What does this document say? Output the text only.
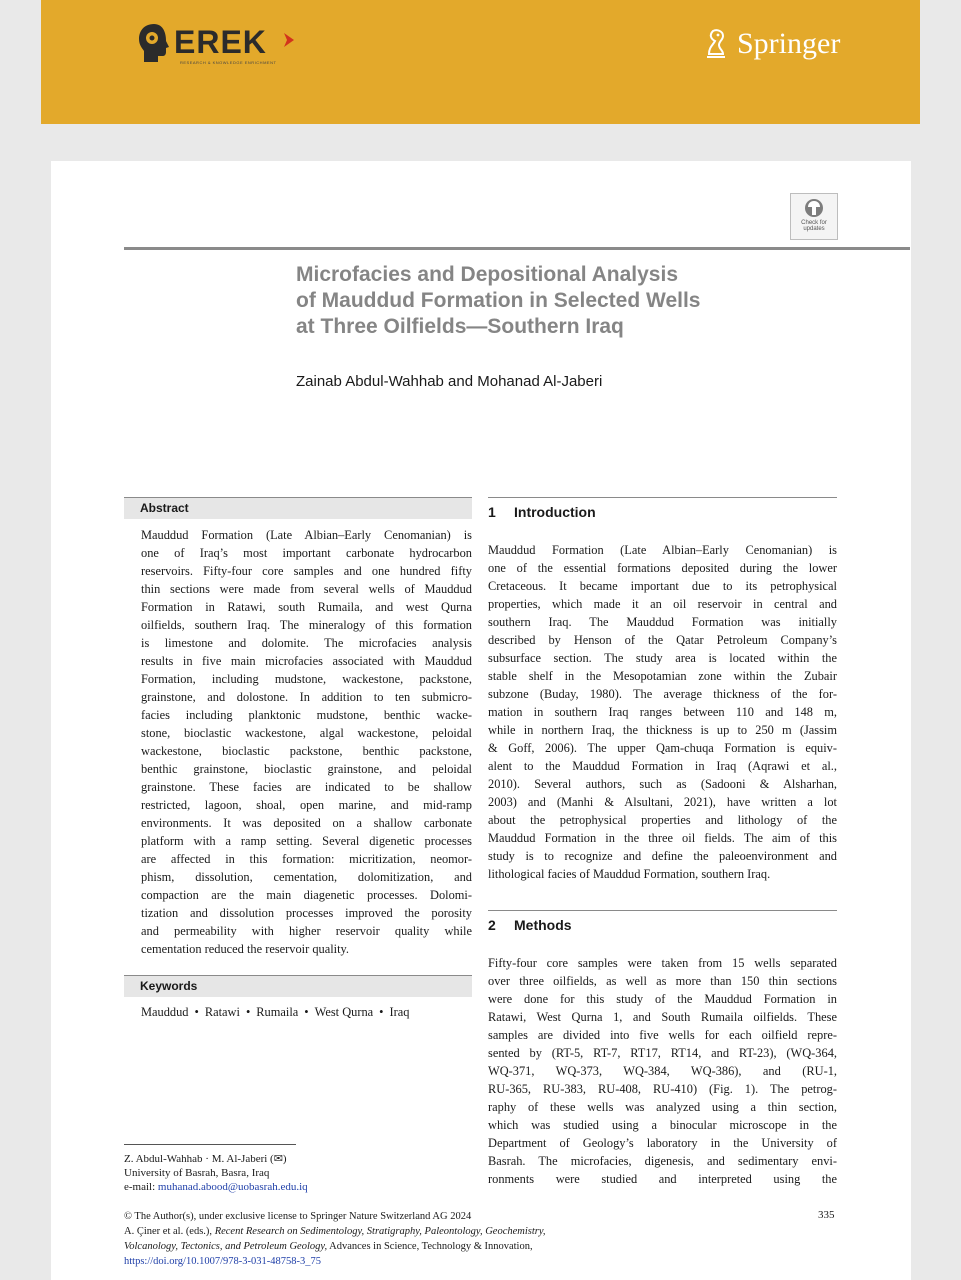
EREK
RESEARCH & KNOWLEDGE ENRICHMENT
Springer
Check for
updates
Microfacies and Depositional Analysis
of Mauddud Formation in Selected Wells
at Three Oilfields—Southern Iraq

Zainab Abdul-Wahhab and Mohanad Al-Jaberi

Abstract
Mauddud Formation (Late Albian–Early Cenomanian) is
one of Iraq’s most important carbonate hydrocarbon
reservoirs. Fifty-four core samples and one hundred fifty
thin sections were made from several wells of Mauddud
Formation in Ratawi, south Rumaila, and west Qurna
oilfields, southern Iraq. The mineralogy of this formation
is limestone and dolomite. The microfacies analysis
results in five main microfacies associated with Mauddud
Formation, including mudstone, wackestone, packstone,
grainstone, and dolostone. In addition to ten submicro-
facies including planktonic mudstone, benthic wacke-
stone, bioclastic wackestone, algal wackestone, peloidal
wackestone, bioclastic packstone, benthic packstone,
benthic grainstone, bioclastic grainstone, and peloidal
grainstone. These facies are indicated to be shallow
restricted, lagoon, shoal, open marine, and mid-ramp
environments. It was deposited on a shallow carbonate
platform with a ramp setting. Several digenetic processes
are affected in this formation: micritization, neomor-
phism, dissolution, cementation, dolomitization, and
compaction are the main diagenetic processes. Dolomi-
tization and dissolution processes improved the porosity
and permeability with higher reservoir quality while
cementation reduced the reservoir quality.
Keywords
Mauddud • Ratawi • Rumaila • West Qurna • Iraq
1 Introduction
Mauddud Formation (Late Albian–Early Cenomanian) is
one of the essential formations deposited during the lower
Cretaceous. It became important due to its petrophysical
properties, which made it an oil reservoir in central and
southern Iraq. The Mauddud Formation was initially
described by Henson of the Qatar Petroleum Company’s
subsurface section. The study area is located within the
stable shelf in the Mesopotamian zone within the Zubair
subzone (Buday, 1980). The average thickness of the for-
mation in southern Iraq ranges between 110 and 148 m,
while in northern Iraq, the thickness is up to 250 m (Jassim
& Goff, 2006). The upper Qam-chuqa Formation is equiv-
alent to the Mauddud Formation in Iraq (Aqrawi et al.,
2010). Several authors, such as (Sadooni & Alsharhan,
2003) and (Manhi & Alsultani, 2021), have written a lot
about the petrophysical properties and lithology of the
Mauddud Formation in the three oil fields. The aim of this
study is to recognize and define the paleoenvironment and
lithological facies of Mauddud Formation, southern Iraq.
2 Methods
Fifty-four core samples were taken from 15 wells separated
over three oilfields, as well as more than 150 thin sections
were done for this study of the Mauddud Formation in
Ratawi, West Qurna 1, and South Rumaila oilfields. These
samples are divided into five wells for each oilfield repre-
sented by (RT-5, RT-7, RT17, RT14, and RT-23), (WQ-364,
WQ-371, WQ-373, WQ-384, WQ-386), and (RU-1,
RU-365, RU-383, RU-408, RU-410) (Fig. 1). The petrog-
raphy of these wells was analyzed using a thin section,
which was studied using a binocular microscope in the
Department of Geology’s laboratory in the University of
Basrah. The microfacies, digenesis, and sedimentary envi-
ronments were studied and interpreted using the
Z. Abdul-Wahhab · M. Al-Jaberi (✉)
University of Basrah, Basra, Iraq
e-mail: muhanad.abood@uobasrah.edu.iq
© The Author(s), under exclusive license to Springer Nature Switzerland AG 2024
A. Çiner et al. (eds.), Recent Research on Sedimentology, Stratigraphy, Paleontology, Geochemistry,
Volcanology, Tectonics, and Petroleum Geology, Advances in Science, Technology & Innovation,
https://doi.org/10.1007/978-3-031-48758-3_75
335
